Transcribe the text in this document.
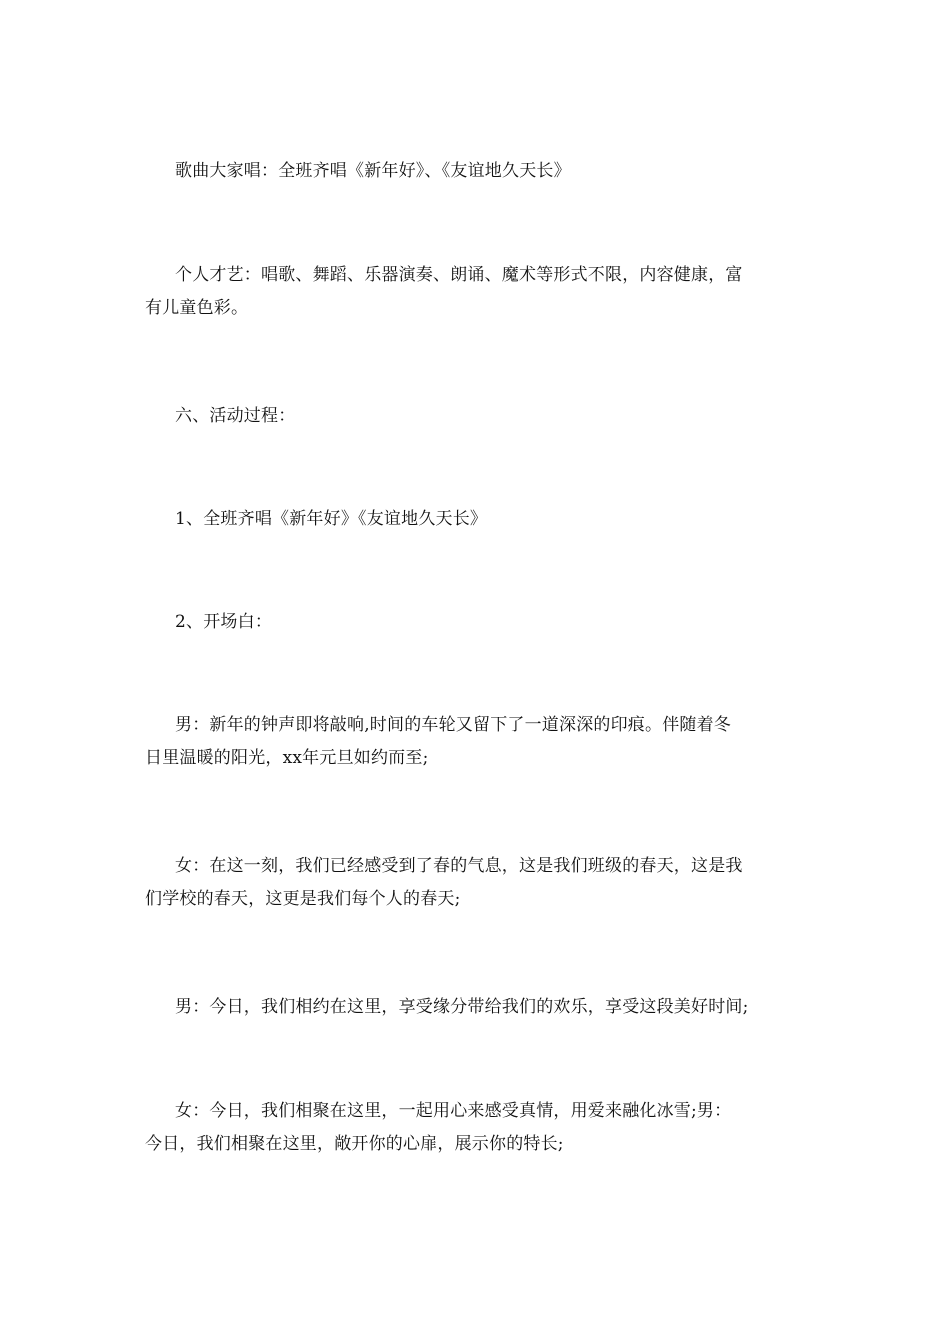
歌曲大家唱：全班齐唱《新年好》、《友谊地久天长》
个人才艺：唱歌、舞蹈、乐器演奏、朗诵、魔术等形式不限，内容健康，富
有儿童色彩。
六、活动过程：
1、全班齐唱《新年好》《友谊地久天长》
2、开场白：
男：新年的钟声即将敲响,时间的车轮又留下了一道深深的印痕。伴随着冬
日里温暖的阳光，xx年元旦如约而至;
女：在这一刻，我们已经感受到了春的气息，这是我们班级的春天，这是我
们学校的春天，这更是我们每个人的春天;
男：今日，我们相约在这里，享受缘分带给我们的欢乐，享受这段美好时间;
女：今日，我们相聚在这里，一起用心来感受真情，用爱来融化冰雪;男：
今日，我们相聚在这里，敞开你的心扉，展示你的特长;
